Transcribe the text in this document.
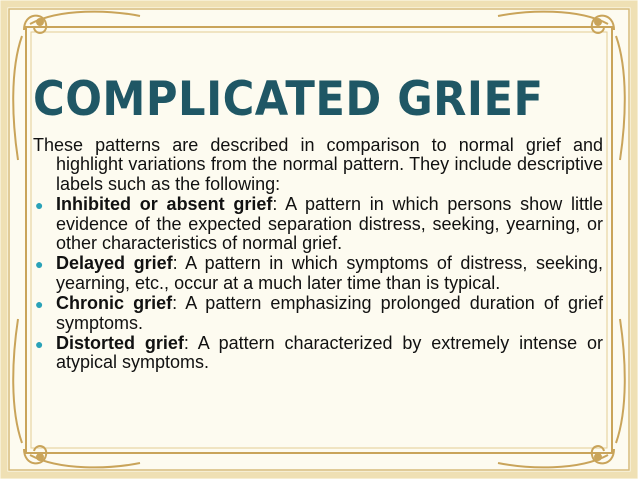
COMPLICATED GRIEF

These patterns are described in comparison to normal grief and highlight variations from the normal pattern. They include descriptive labels such as the following:

● Inhibited or absent grief: A pattern in which persons show little evidence of the expected separation distress, seeking, yearning, or other characteristics of normal grief.
● Delayed grief: A pattern in which symptoms of distress, seeking, yearning, etc., occur at a much later time than is typical.
● Chronic grief: A pattern emphasizing prolonged duration of grief symptoms.
● Distorted grief: A pattern characterized by extremely intense or atypical symptoms.
